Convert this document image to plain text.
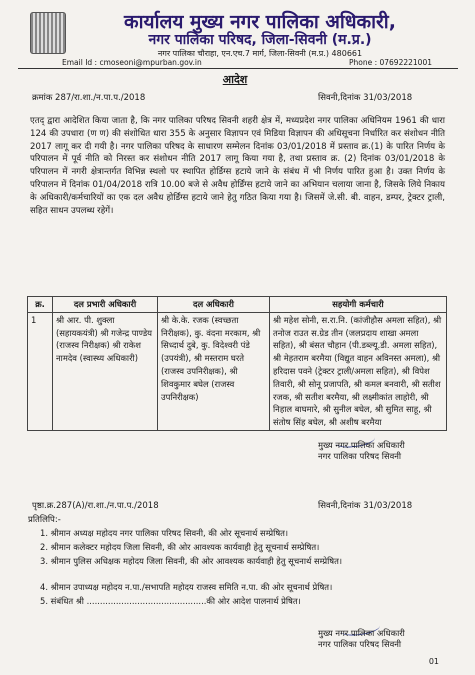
कार्यालय मुख्य नगर पालिका अधिकारी,
नगर पालिका परिषद, जिला-सिवनी (म.प्र.)
नगर पालिका चौराहा, एन.एच.7 मार्ग, जिला-सिवनी (म.प्र.) 480661
Email Id : cmoseoni@mpurban.gov.in	Phone : 07692221001
आदेश
क्रमांक 287/रा.शा./न.पा.प./2018	सिवनी,दिनांक 31/03/2018
एतद् द्वारा आदेशित किया जाता है, कि नगर पालिका परिषद सिवनी शहरी क्षेत्र में, मध्यप्रदेश नगर पालिका अधिनियम 1961 की धारा 124 की उपधारा (ण ण) की संशोधित धारा 355 के अनुसार विज्ञापन एवं मिडिया विज्ञापन की अधिसूचना निर्धारित कर संशोधन नीति 2017 लागू कर दी गयी है। नगर पालिका परिषद के साधारण सम्मेलन दिनांक 03/01/2018 में प्रस्ताव क्र.(1) के पारित निर्णय के परिपालन में पूर्व नीति को निरस्त कर संशोधन नीति 2017 लागू किया गया है, तथा प्रस्ताव क्र. (2) दिनांक 03/01/2018 के परिपालन में नगरी क्षेत्रान्तर्गत विभिन्न स्थलो पर स्थापित होर्डिग्स हटाये जाने के संबंध में भी निर्णय पारित हुआ है। उक्त निर्णय के परिपालन में दिनांक 01/04/2018 रात्रि 10.00 बजे से अवैध होर्डिंग्स हटाये जाने का अभियान चलाया जाना है, जिसके लिये निकाय के अधिकारी/कर्मचारियों का एक दल अवैध होर्डिंग्स हटाये जाने हेतु गठित किया गया है। जिसमें जे.सी. बी. वाहन, डम्पर, ट्रेक्टर ट्राली, सहित साधन उपलब्ध रहेगें।
क्र.	दल प्रभारी अधिकारी	दल अधिकारी	सहयोगी कर्मचारी
1	श्री आर. पी. शुक्ला (सहायकयंत्री) श्री गजेन्द्र पाण्डेय (राजस्व निरीक्षक) श्री राकेश नामदेव (स्वास्थ्य अधिकारी)	श्री के.के. रजक (स्वच्छता निरीक्षक), कु. वंदना मरकाम, श्री सिध्दार्थ दुबे, कु. विदेश्वरी पंडे (उपयंत्री), श्री मस्तराम घरते (राजस्व उपनिरीक्षक), श्री शिवकुमार बघेल (राजस्व उपनिरीक्षक)	श्री महेश सोनी, स.रा.नि. (कांजीहौस अमला सहित), श्री तनोज राउत स.ग्रेड तीन (जलप्रदाय शाखा अमला सहित), श्री बंसत चौहान (पी.डब्ल्यू.डी. अमला सहित), श्री मेहतराम बरमैया (विद्युत वाहन अविनस्त अमला), श्री हरिदास पवने (ट्रेक्टर ट्राली/अमला सहित), श्री विपेश तिवारी, श्री सोनू प्रजापति, श्री कमल बनवारी, श्री सतीश रजक, श्री सतीश बरमैया, श्री लक्ष्मीकांत लाहोरी, श्री निहाल बाघमारे, श्री सुनील बघेल, श्री सुमित साहू, श्री संतोष सिंह बघेल, श्री अशीष बरमैया
मुख्य नगर पालिका अधिकारी
नगर पालिका परिषद सिवनी
पृष्ठा.क्र.287(A)/रा.शा./न.पा.प./2018	सिवनी,दिनांक 31/03/2018
प्रतिलिपि:-
1. श्रीमान अध्यक्ष महोदय नगर पालिका परिषद सिवनी, की ओर सूचनार्थ सम्प्रेषित।
2. श्रीमान कलेक्टर महोदय जिला सिवनी, की ओर आवश्यक कार्यवाही हेतु सूचनार्थ सम्प्रेषित।
3. श्रीमान पुलिस अधिक्षक महोदय जिला सिवनी, की ओर आवश्यक कार्यवाही हेतु सूचनार्थ सम्प्रेषित।
4. श्रीमान उपाध्यक्ष महोदय न.पा./सभापति महोदय राजस्व समिति न.पा. की ओर सूचनार्थ प्रेषित।
5. संबंधित श्री .............................................की ओर आदेश पालनार्थ प्रेषित।
मुख्य नगर पालिका अधिकारी
नगर पालिका परिषद सिवनी
01
